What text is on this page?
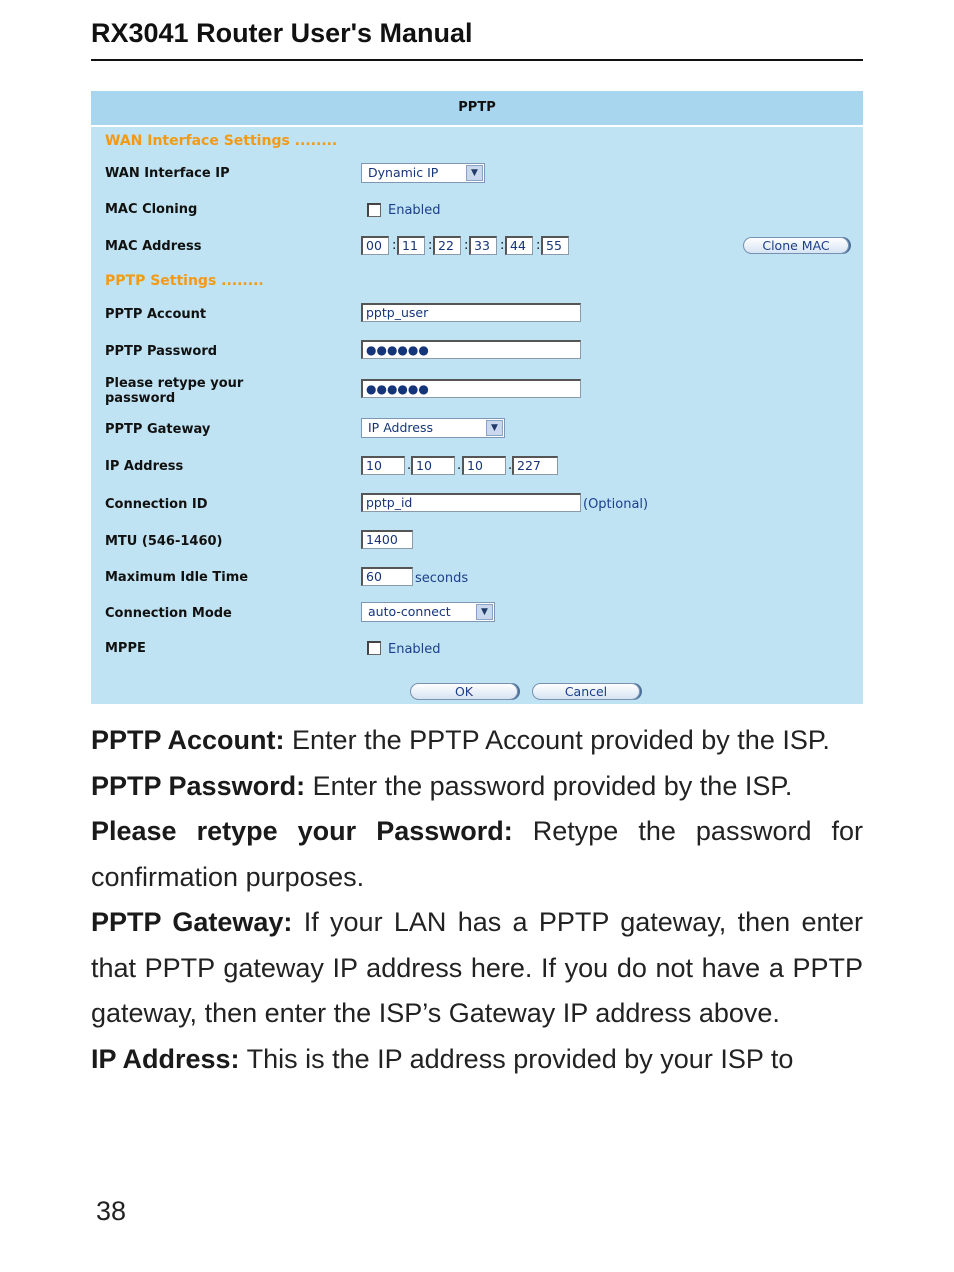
RX3041 Router User's Manual
PPTP
WAN Interface Settings ........
WAN Interface IP	Dynamic IP	▼
MAC Cloning	Enabled
MAC Address	00 : 11 : 22 : 33 : 44 : 55	Clone MAC
PPTP Settings ........
PPTP Account	pptp_user
PPTP Password	●●●●●●
Please retype your password
●●●●●●
PPTP Gateway	IP Address	▼
IP Address	10	. 10	. 10	. 227
Connection ID	pptp_id	(Optional)
MTU (546-1460)	1400
Maximum Idle Time	60	seconds
Connection Mode	auto-connect	▼
MPPE	Enabled
OK	Cancel

PPTP Account: Enter the PPTP Account provided by the ISP.

PPTP Password: Enter the password provided by the ISP.

Please retype your Password: Retype the password for confirmation purposes.

PPTP Gateway: If your LAN has a PPTP gateway, then enter that PPTP gateway IP address here. If you do not have a PPTP gateway, then enter the ISP’s Gateway IP address above.

IP Address: This is the IP address provided by your ISP to

38
